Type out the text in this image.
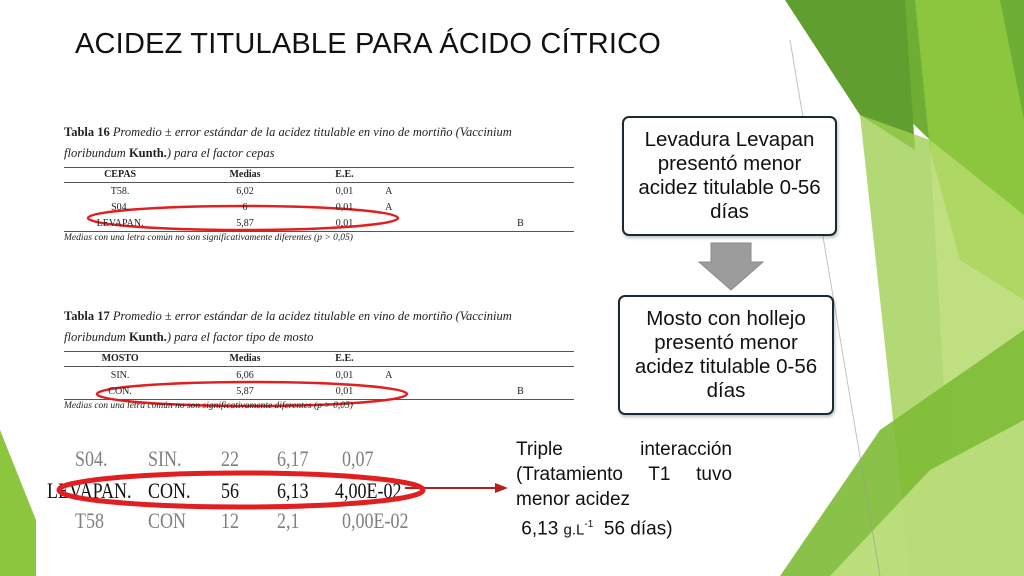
ACIDEZ TITULABLE PARA ÁCIDO CÍTRICO
Tabla 16 Promedio ± error estándar de la acidez titulable en vino de mortiño (Vaccinium
floribundum Kunth.) para el factor cepas
CEPAS	Medias	E.E.		
T58.	6,02	0,01	A	
S04.	6	0,01	A	
LEVAPAN.	5,87	0,01		B
Medias con una letra común no son significativamente diferentes (p > 0,05)
Tabla 17 Promedio ± error estándar de la acidez titulable en vino de mortiño (Vaccinium
floribundum Kunth.) para el factor tipo de mosto
MOSTO	Medias	E.E.		
SIN.	6,06	0,01	A	
CON.	5,87	0,01		B
Medias con una letra común no son significativamente diferentes (p > 0,05)
S04. SIN. 22 6,17 0,07
LEVAPAN. CON. 56 6,13 4,00E-02
T58 CON 12 2,1 0,00E-02
Levadura Levapan presentó menor acidez titulable 0-56 días
Mosto con hollejo presentó menor acidez titulable 0-56 días
Triple	interacción
(Tratamiento T1 tuvo
menor acidez
6,13 $g.L^{-1}$ 56 días)
